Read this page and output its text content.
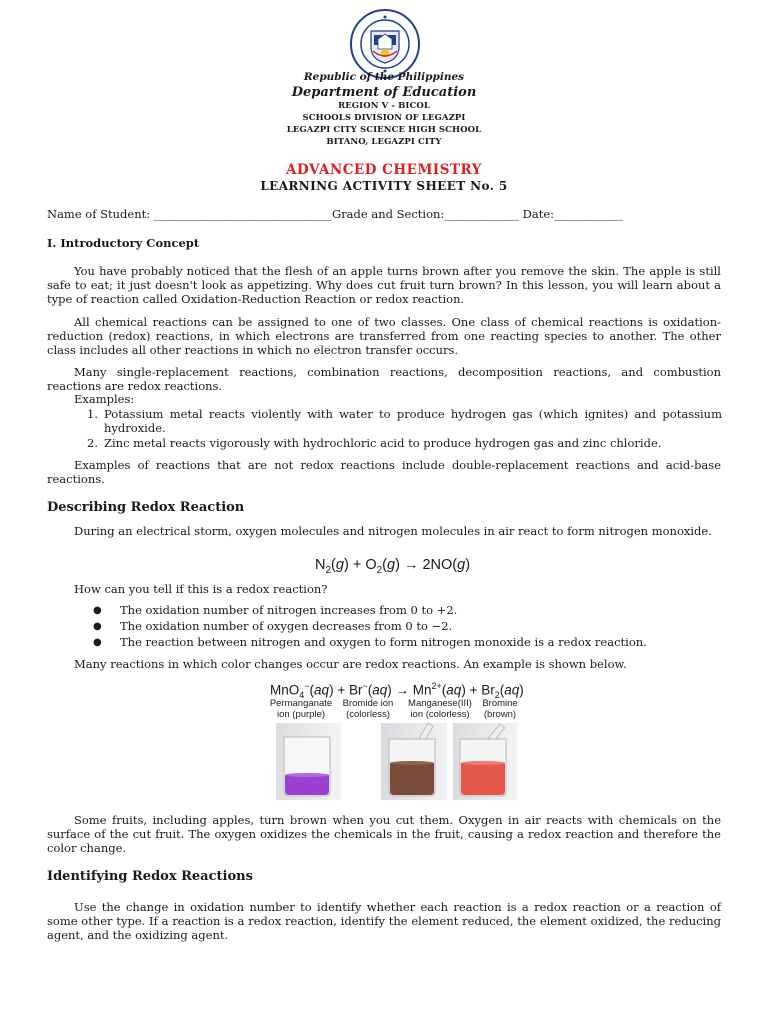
Republic of the Philippines
Department of Education
REGION V - BICOL
SCHOOLS DIVISION OF LEGAZPI
LEGAZPI CITY SCIENCE HIGH SCHOOL
BITANO, LEGAZPI CITY
ADVANCED CHEMISTRY
LEARNING ACTIVITY SHEET No. 5
Name of Student: _______________________________Grade and Section:_____________ Date:____________
I. Introductory Concept

You have probably noticed that the flesh of an apple turns brown after you remove the skin. The apple is still safe to eat; it just doesn't look as appetizing. Why does cut fruit turn brown? In this lesson, you will learn about a type of reaction called Oxidation-Reduction Reaction or redox reaction.

All chemical reactions can be assigned to one of two classes. One class of chemical reactions is oxidation-reduction (redox) reactions, in which electrons are transferred from one reacting species to another. The other class includes all other reactions in which no electron transfer occurs.

Many single-replacement reactions, combination reactions, decomposition reactions, and combustion reactions are redox reactions.

Examples:
1. Potassium metal reacts violently with water to produce hydrogen gas (which ignites) and potassium hydroxide.
2. Zinc metal reacts vigorously with hydrochloric acid to produce hydrogen gas and zinc chloride.

Examples of reactions that are not redox reactions include double-replacement reactions and acid-base reactions.

Describing Redox Reaction

During an electrical storm, oxygen molecules and nitrogen molecules in air react to form nitrogen monoxide.

$N_2(g) + O_2(g) \to 2NO(g)$
How can you tell if this is a redox reaction?
● The oxidation number of nitrogen increases from 0 to +2.
● The oxidation number of oxygen decreases from 0 to −2.
● The reaction between nitrogen and oxygen to form nitrogen monoxide is a redox reaction.

Many reactions in which color changes occur are redox reactions. An example is shown below.

$MnO_4^-(aq) + Br^-(aq) \to Mn^{2+}(aq) + Br_2(aq)$
Permanganate
ion (purple)
Bromide ion
(colorless)
Manganese(III)
ion (colorless)
Bromine
(brown)

Some fruits, including apples, turn brown when you cut them. Oxygen in air reacts with chemicals on the surface of the cut fruit. The oxygen oxidizes the chemicals in the fruit, causing a redox reaction and therefore the color change.

Identifying Redox Reactions

Use the change in oxidation number to identify whether each reaction is a redox reaction or a reaction of some other type. If a reaction is a redox reaction, identify the element reduced, the element oxidized, the reducing agent, and the oxidizing agent.
